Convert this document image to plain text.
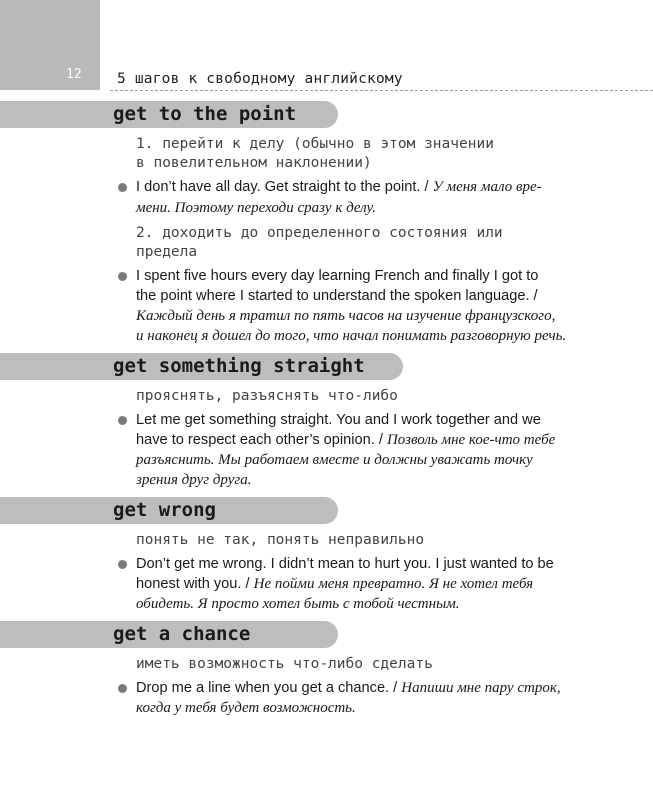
12 5 шагов к свободному английскому
get to the point
1. перейти к делу (обычно в этом значении
в повелительном наклонении)
I don’t have all day. Get straight to the point. / У меня мало вре-
мени. Поэтому переходи сразу к делу.
2. доходить до определенного состояния или
предела
I spent five hours every day learning French and finally I got to
the point where I started to understand the spoken language. /
Каждый день я тратил по пять часов на изучение французского,
и наконец я дошел до того, что начал понимать разговорную речь.
get something straight
прояснять, разъяснять что-либо
Let me get something straight. You and I work together and we
have to respect each other’s opinion. / Позволь мне кое-что тебе
разъяснить. Мы работаем вместе и должны уважать точку
зрения друг друга.
get wrong
понять не так, понять неправильно
Don’t get me wrong. I didn’t mean to hurt you. I just wanted to be
honest with you. / Не пойми меня превратно. Я не хотел тебя
обидеть. Я просто хотел быть с тобой честным.
get a chance
иметь возможность что-либо сделать
Drop me a line when you get a chance. / Напиши мне пару строк,
когда у тебя будет возможность.
